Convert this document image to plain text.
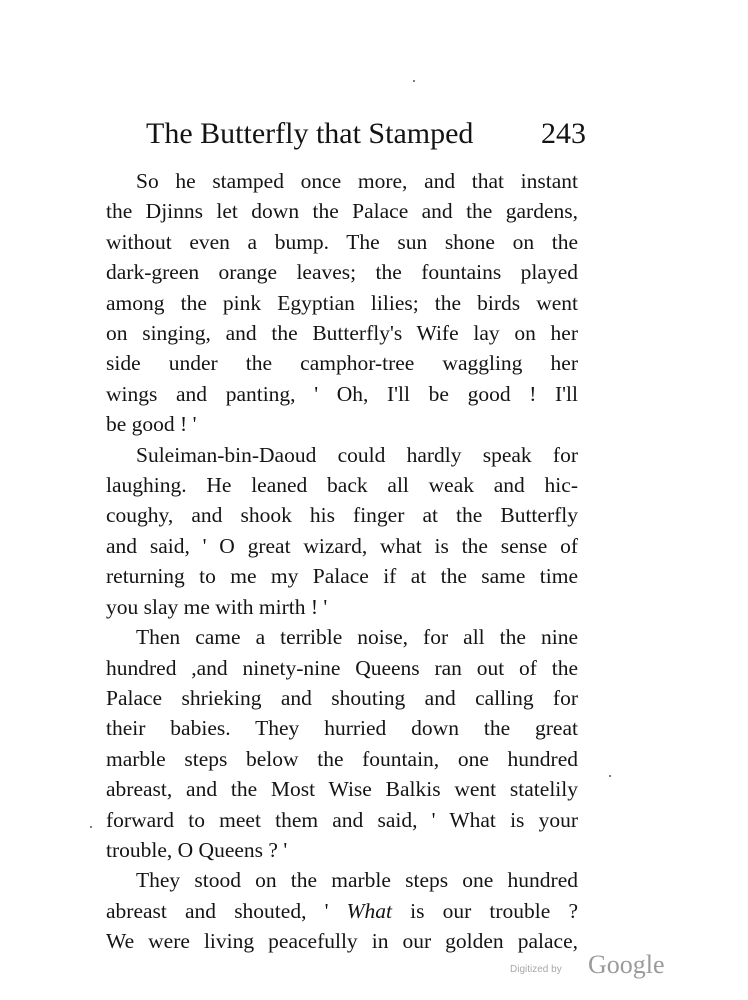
The Butterfly that Stamped 243

So he stamped once more, and that instant
the Djinns let down the Palace and the gardens,
without even a bump. The sun shone on the
dark-green orange leaves; the fountains played
among the pink Egyptian lilies; the birds went
on singing, and the Butterfly's Wife lay on her
side under the camphor-tree waggling her
wings and panting, ' Oh, I'll be good ! I'll
be good ! '

Suleiman-bin-Daoud could hardly speak for
laughing. He leaned back all weak and hic-
coughy, and shook his finger at the Butterfly
and said, ' O great wizard, what is the sense of
returning to me my Palace if at the same time
you slay me with mirth ! '

Then came a terrible noise, for all the nine
hundred ,and ninety-nine Queens ran out of the
Palace shrieking and shouting and calling for
their babies. They hurried down the great
marble steps below the fountain, one hundred
abreast, and the Most Wise Balkis went statelily
forward to meet them and said, ' What is your
trouble, O Queens ? '

They stood on the marble steps one hundred
abreast and shouted, ' What is our trouble ?
We were living peacefully in our golden palace,

Digitized by Google
